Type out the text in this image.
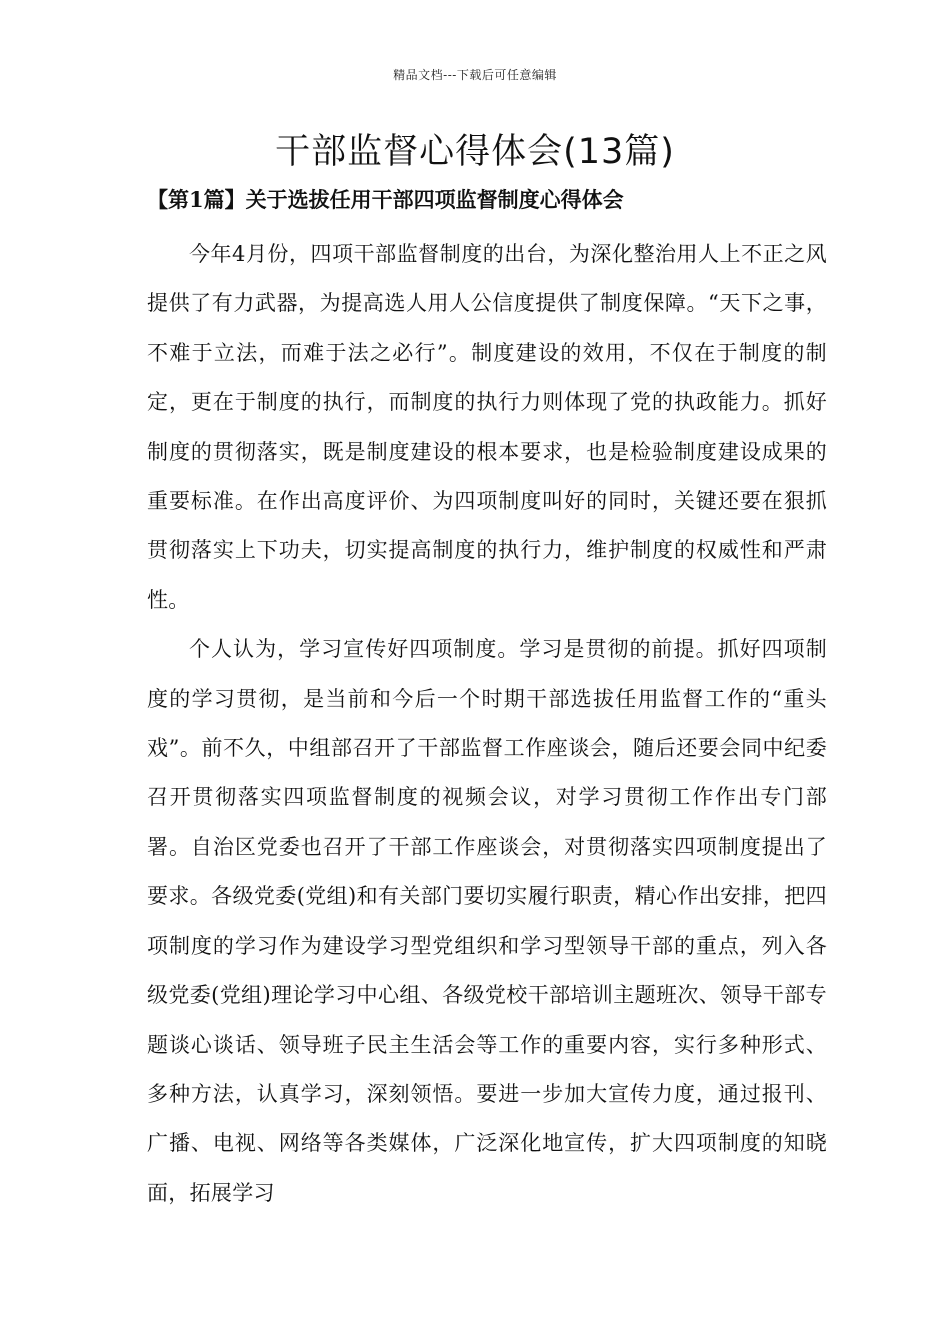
精品文档---下载后可任意编辑
干部监督心得体会(13篇)
【第1篇】关于选拔任用干部四项监督制度心得体会

今年4月份，四项干部监督制度的出台，为深化整治用人上不正之风提供了有力武器，为提高选人用人公信度提供了制度保障。“天下之事，不难于立法，而难于法之必行”。制度建设的效用，不仅在于制度的制定，更在于制度的执行，而制度的执行力则体现了党的执政能力。抓好制度的贯彻落实，既是制度建设的根本要求，也是检验制度建设成果的重要标准。在作出高度评价、为四项制度叫好的同时，关键还要在狠抓贯彻落实上下功夫，切实提高制度的执行力，维护制度的权威性和严肃性。

个人认为，学习宣传好四项制度。学习是贯彻的前提。抓好四项制度的学习贯彻，是当前和今后一个时期干部选拔任用监督工作的“重头戏”。前不久，中组部召开了干部监督工作座谈会，随后还要会同中纪委召开贯彻落实四项监督制度的视频会议，对学习贯彻工作作出专门部署。自治区党委也召开了干部工作座谈会，对贯彻落实四项制度提出了要求。各级党委(党组)和有关部门要切实履行职责，精心作出安排，把四项制度的学习作为建设学习型党组织和学习型领导干部的重点，列入各级党委(党组)理论学习中心组、各级党校干部培训主题班次、领导干部专题谈心谈话、领导班子民主生活会等工作的重要内容，实行多种形式、多种方法，认真学习，深刻领悟。要进一步加大宣传力度，通过报刊、广播、电视、网络等各类媒体，广泛深化地宣传，扩大四项制度的知晓面，拓展学习
